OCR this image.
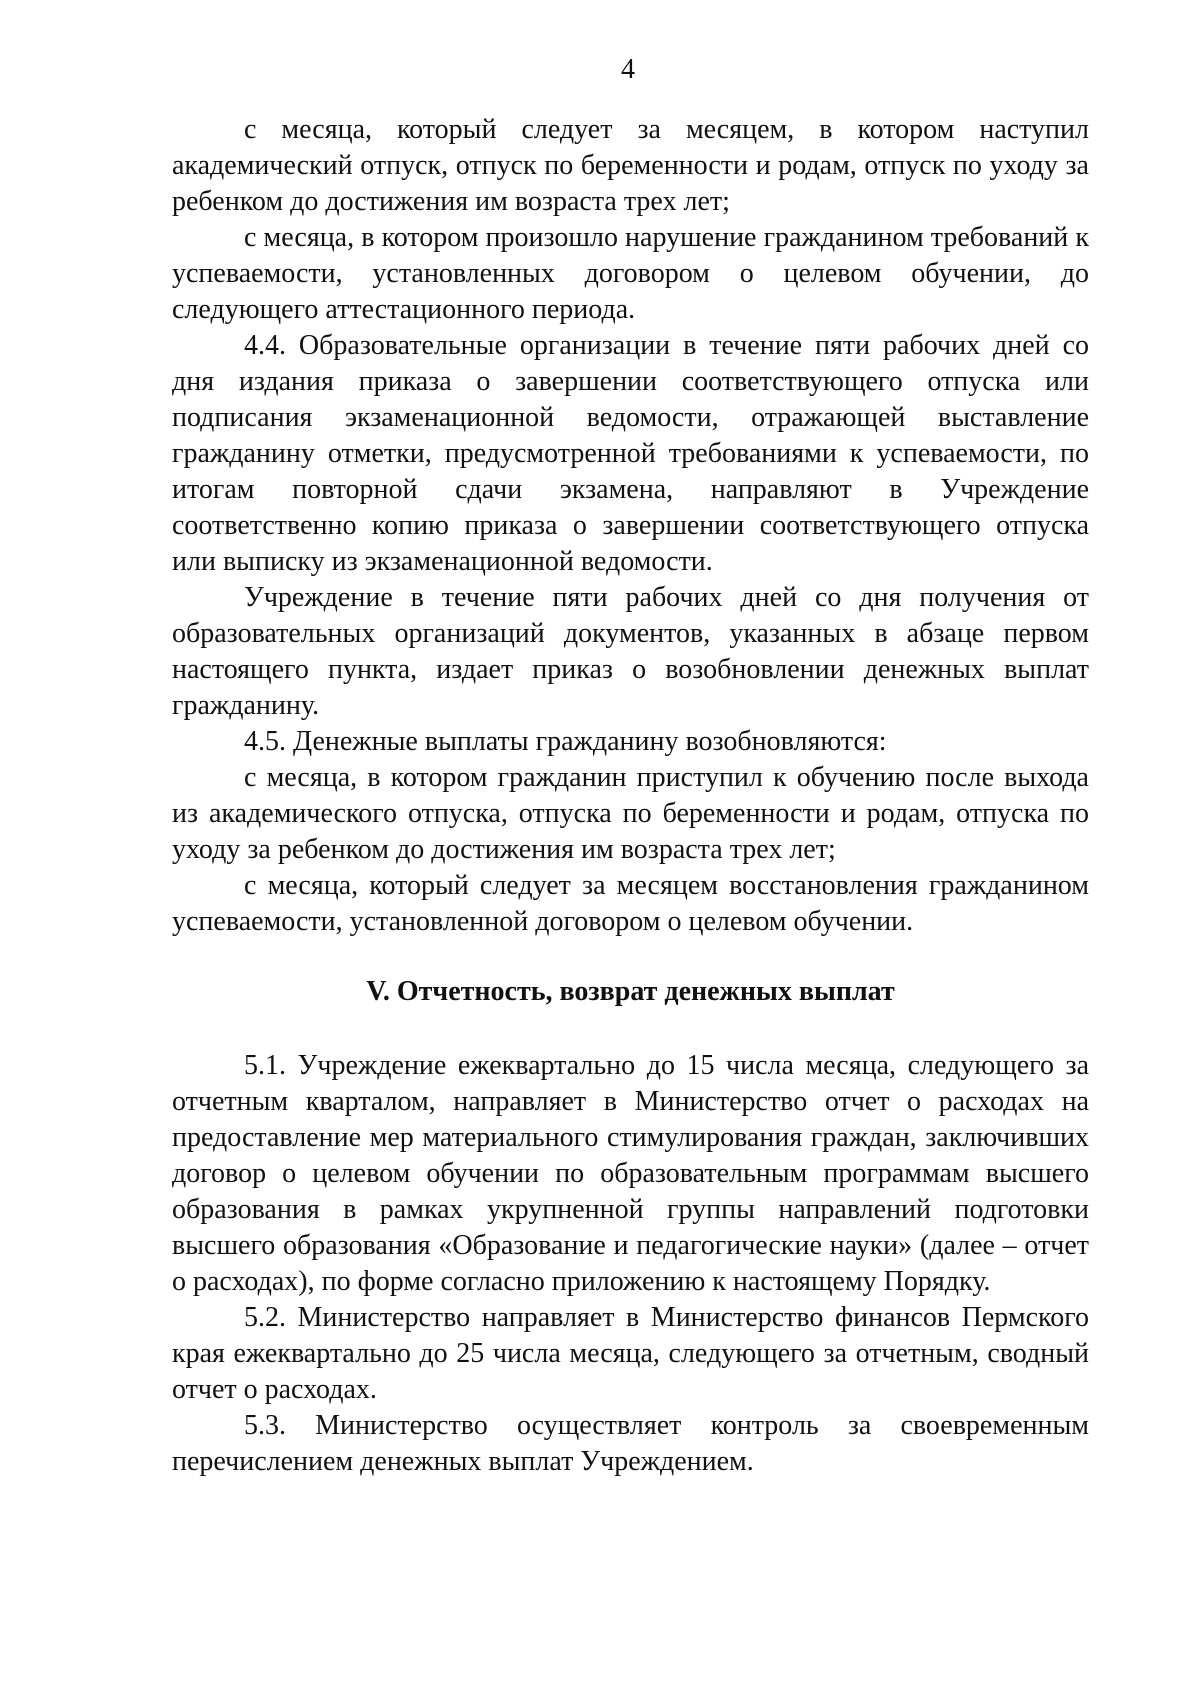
4

с месяца, который следует за месяцем, в котором наступил академический отпуск, отпуск по беременности и родам, отпуск по уходу за ребенком до достижения им возраста трех лет;

с месяца, в котором произошло нарушение гражданином требований к успеваемости, установленных договором о целевом обучении, до следующего аттестационного периода.

4.4. Образовательные организации в течение пяти рабочих дней со дня издания приказа о завершении соответствующего отпуска или подписания экзаменационной ведомости, отражающей выставление гражданину отметки, предусмотренной требованиями к успеваемости, по итогам повторной сдачи экзамена, направляют в Учреждение соответственно копию приказа о завершении соответствующего отпуска или выписку из экзаменационной ведомости.

Учреждение в течение пяти рабочих дней со дня получения от образовательных организаций документов, указанных в абзаце первом настоящего пункта, издает приказ о возобновлении денежных выплат гражданину.

4.5. Денежные выплаты гражданину возобновляются:

с месяца, в котором гражданин приступил к обучению после выхода из академического отпуска, отпуска по беременности и родам, отпуска по уходу за ребенком до достижения им возраста трех лет;

с месяца, который следует за месяцем восстановления гражданином успеваемости, установленной договором о целевом обучении.

V. Отчетность, возврат денежных выплат

5.1. Учреждение ежеквартально до 15 числа месяца, следующего за отчетным кварталом, направляет в Министерство отчет о расходах на предоставление мер материального стимулирования граждан, заключивших договор о целевом обучении по образовательным программам высшего образования в рамках укрупненной группы направлений подготовки высшего образования «Образование и педагогические науки» (далее – отчет о расходах), по форме согласно приложению к настоящему Порядку.

5.2. Министерство направляет в Министерство финансов Пермского края ежеквартально до 25 числа месяца, следующего за отчетным, сводный отчет о расходах.

5.3. Министерство осуществляет контроль за своевременным перечислением денежных выплат Учреждением.
